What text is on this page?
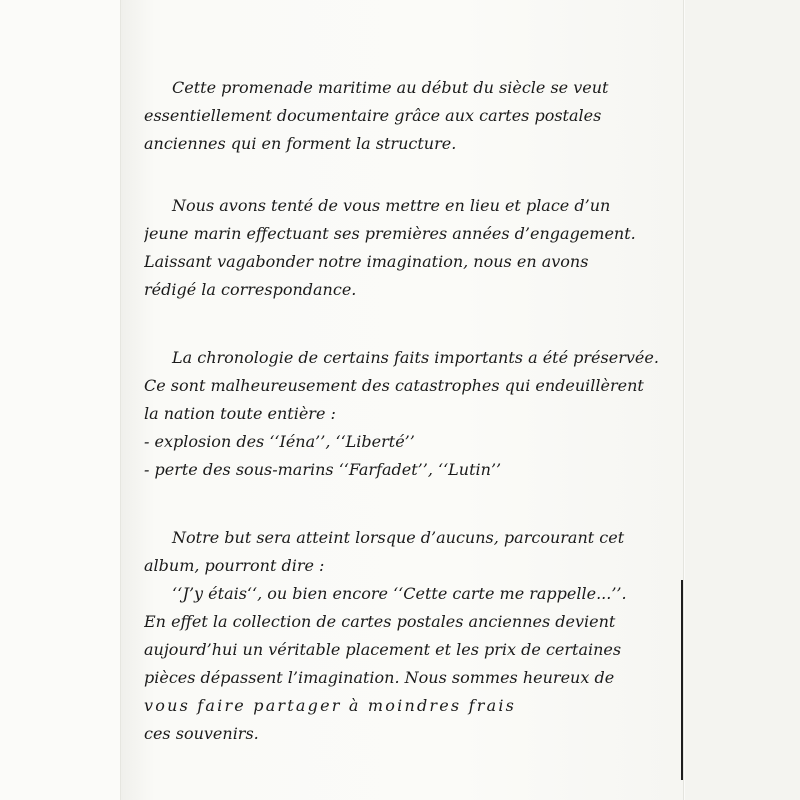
Cette promenade maritime au début du siècle se veut
essentiellement documentaire grâce aux cartes postales
anciennes qui en forment la structure.
Nous avons tenté de vous mettre en lieu et place d’un
jeune marin effectuant ses premières années d’engagement.
Laissant vagabonder notre imagination, nous en avons
rédigé la correspondance.
La chronologie de certains faits importants a été préservée.
Ce sont malheureusement des catastrophes qui endeuillèrent
la nation toute entière :
- explosion des ‘‘Iéna’’, ‘‘Liberté’’
- perte des sous-marins ‘‘Farfadet’’, ‘‘Lutin’’
Notre but sera atteint lorsque d’aucuns, parcourant cet
album, pourront dire :
‘‘J’y étais‘‘, ou bien encore ‘‘Cette carte me rappelle...’’.
En effet la collection de cartes postales anciennes devient
aujourd’hui un véritable placement et les prix de certaines
pièces dépassent l’imagination. Nous sommes heureux de
vous faire partager à moindres frais
ces souvenirs.
